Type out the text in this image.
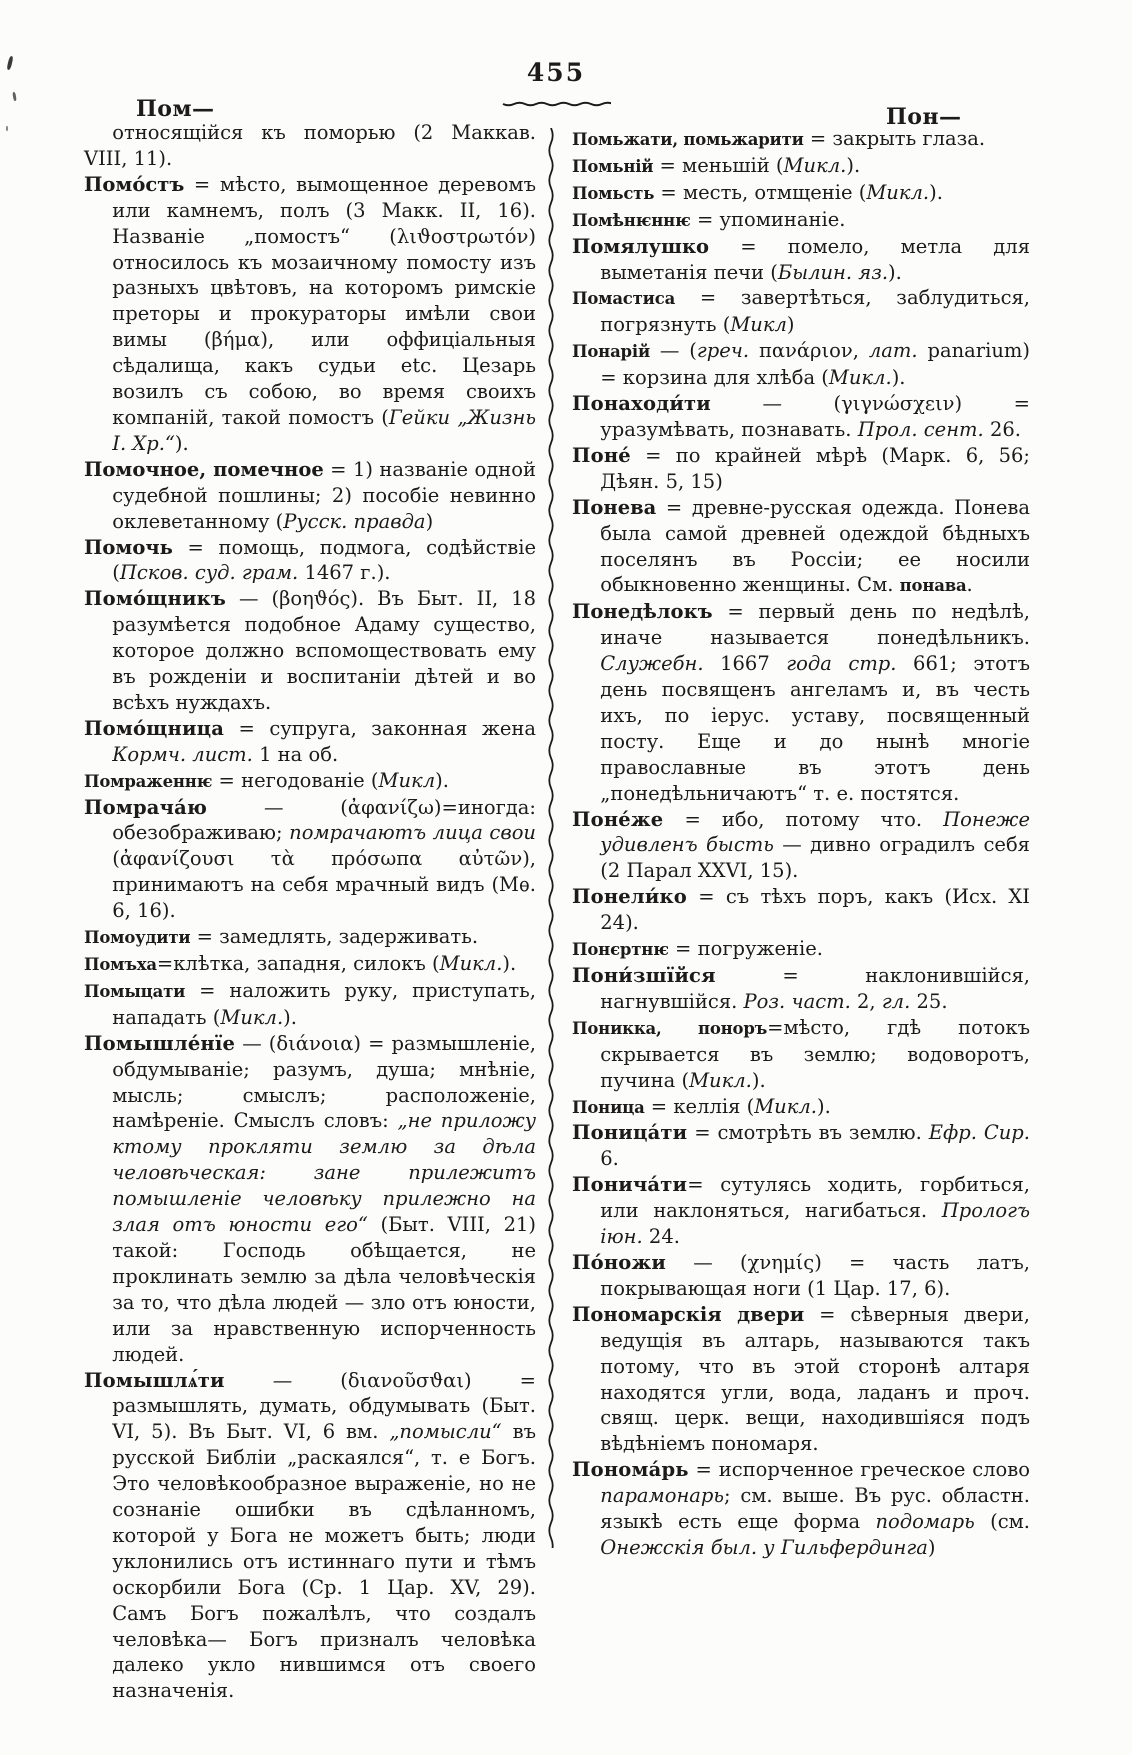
Пом—
455
Пон—

относящійся къ поморью (2 Маккав. VIII, 11).

Помо́стъ = мѣсто, вымощенное деревомъ или камнемъ, полъ (3 Макк. II, 16). Названіе „помостъ“ (λιϑοστρωτόν) относилось къ мозаичному помосту изъ разныхъ цвѣтовъ, на которомъ римскіе преторы и прокураторы имѣли свои вимы (βήμα), или оффиціальныя сѣдалища, какъ судьи etc. Цезарь возилъ съ собою, во время своихъ компаній, такой помостъ (Гейки „Жизнь І. Хр.“).

Помочное, помечное = 1) названіе одной судебной пошлины; 2) пособіе невинно оклеветанному (Русск. правда)

Помочь = помощь, подмога, содѣйствіе (Псков. суд. грам. 1467 г.).

Помо́щникъ — (βοηϑός). Въ Быт. II, 18 разумѣется подобное Адаму существо, которое должно вспомоществовать ему въ рожденіи и воспитаніи дѣтей и во всѣхъ нуждахъ.

Помо́щница = супруга, законная жена Кормч. лист. 1 на об.

Помраженнѥ = негодованіе (Микл).

Помрача́ю — (ἀφανίζω)=иногда: обезображиваю; помрачаютъ лица свои (ἀφανίζουσι τὰ πρόσωπα αὐτῶν), принимаютъ на себя мрачный видъ (Мѳ. 6, 16).

Помоудити = замедлять, задерживать.

Помъха=клѣтка, западня, силокъ (Микл.).

Помыцати = наложить руку, приступать, нападать (Микл.).

Помышле́нїе — (διάνοια) = размышленіе, обдумываніе; разумъ, душа; мнѣніе, мысль; смыслъ; расположеніе, намѣреніе. Смыслъ словъ: „не приложу ктому прокляти землю за дѣла человѣческая: зане прилежитъ помышленіе человѣку прилежно на злая отъ юности его“ (Быт. VIII, 21) такой: Господь обѣщается, не проклинать землю за дѣла человѣческія за то, что дѣла людей — зло отъ юности, или за нравственную испорченность людей.

Помышлѧ́ти — (διανοῦσϑαι) = размышлять, думать, обдумывать (Быт. VI, 5). Въ Быт. VI, 6 вм. „помысли“ въ русской Библіи „раскаялся“, т. е Богъ. Это человѣкообразное выраженіе, но не сознаніе ошибки въ сдѣланномъ, которой у Бога не можетъ быть; люди уклонились отъ истиннаго пути и тѣмъ оскорбили Бога (Ср. 1 Цар. XV, 29). Самъ Богъ пожалѣлъ, что создалъ человѣка— Богъ призналъ человѣка далеко укло нившимся отъ своего назначенія.

Помьжати, помьжарити = закрыть глаза.

Помьній = меньшій (Микл.).

Помьсть = месть, отмщеніе (Микл.).

Помѣнѥннѥ = упоминаніе.

Помялушко = помело, метла для выметанія печи (Былин. яз.).

Помастиса = завертѣться, заблудиться, погрязнуть (Микл)

Понарій — (греч. πανάριον, лат. panarium) = корзина для хлѣба (Микл.).

Понаходи́ти — (γιγνώσχειν) = уразумѣвать, познавать. Прол. сент. 26.

Поне́ = по крайней мѣрѣ (Марк. 6, 56; Дѣян. 5, 15)

Понева = древне-русская одежда. Понева была самой древней одеждой бѣдныхъ поселянъ въ Россіи; ее носили обыкновенно женщины. См. понава.

Понедѣлокъ = первый день по недѣлѣ, иначе называется понедѣльникъ. Служебн. 1667 года стр. 661; этотъ день посвященъ ангеламъ и, въ честь ихъ, по іерус. уставу, посвященный посту. Еще и до нынѣ многіе православные въ этотъ день „понедѣльничаютъ“ т. е. постятся.

Поне́же = ибо, потому что. Понеже удивленъ бысть — дивно оградилъ себя (2 Парал XXVI, 15).

Понели́ко = съ тѣхъ поръ, какъ (Исх. XI 24).

Понєртнѥ = погруженіе.

Пони́зшїйся = наклонившійся, нагнувшійся. Роз. част. 2, гл. 25.

Поникка, поноръ=мѣсто, гдѣ потокъ скрывается въ землю; водоворотъ, пучина (Микл.).

Поница = келлія (Микл.).

Поница́ти = смотрѣть въ землю. Ефр. Сир. 6.

Понича́ти= сутулясь ходить, горбиться, или наклоняться, нагибаться. Прологъ іюн. 24.

По́ножи — (χνημίς) = часть латъ, покрывающая ноги (1 Цар. 17, 6).

Пономарскія двери = сѣверныя двери, ведущія въ алтарь, называются такъ потому, что въ этой сторонѣ алтаря находятся угли, вода, ладанъ и проч. свящ. церк. вещи, находившіяся подъ вѣдѣніемъ пономаря.

Понома́рь = испорченное греческое слово парамонарь; см. выше. Въ рус. областн. языкѣ есть еще форма подомарь (см. Онежскія был. у Гильфердинга)
